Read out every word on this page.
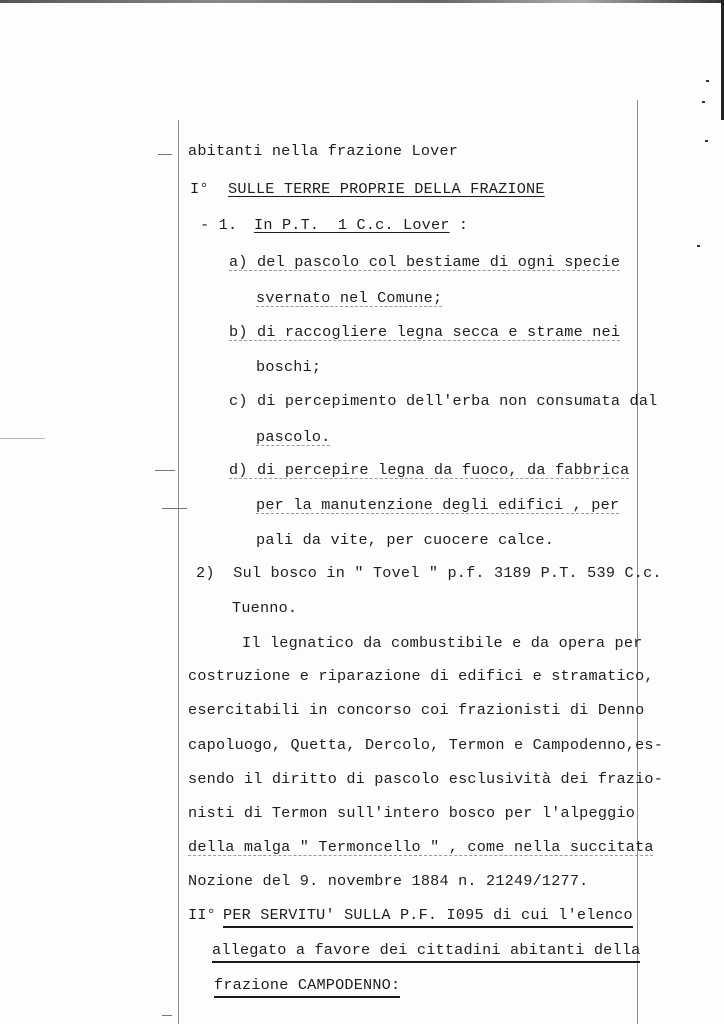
abitanti nella frazione Lover
I° SULLE TERRE PROPRIE DELLA FRAZIONE
- 1. In P.T.  1 C.c. Lover :
a) del pascolo col bestiame di ogni specie
svernato nel Comune;
b) di raccogliere legna secca e strame nei
boschi;
c) di percepimento dell'erba non consumata dal
pascolo.
d) di percepire legna da fuoco, da fabbrica
per la manutenzione degli edifici , per
pali da vite, per cuocere calce.
2)  Sul bosco in " Tovel " p.f. 3189 P.T. 539 C.c.
Tuenno.
Il legnatico da combustibile e da opera per
costruzione e riparazione di edifici e stramatico,
esercitabili in concorso coi frazionisti di Denno
capoluogo, Quetta, Dercolo, Termon e Campodenno,es-
sendo il diritto di pascolo esclusività dei frazio-
nisti di Termon sull'intero bosco per l'alpeggio
della malga " Termoncello " , come nella succitata
Nozione del 9. novembre 1884 n. 21249/1277.
II° PER SERVITU' SULLA P.F. I095 di cui l'elenco
allegato a favore dei cittadini abitanti della
frazione CAMPODENNO:
